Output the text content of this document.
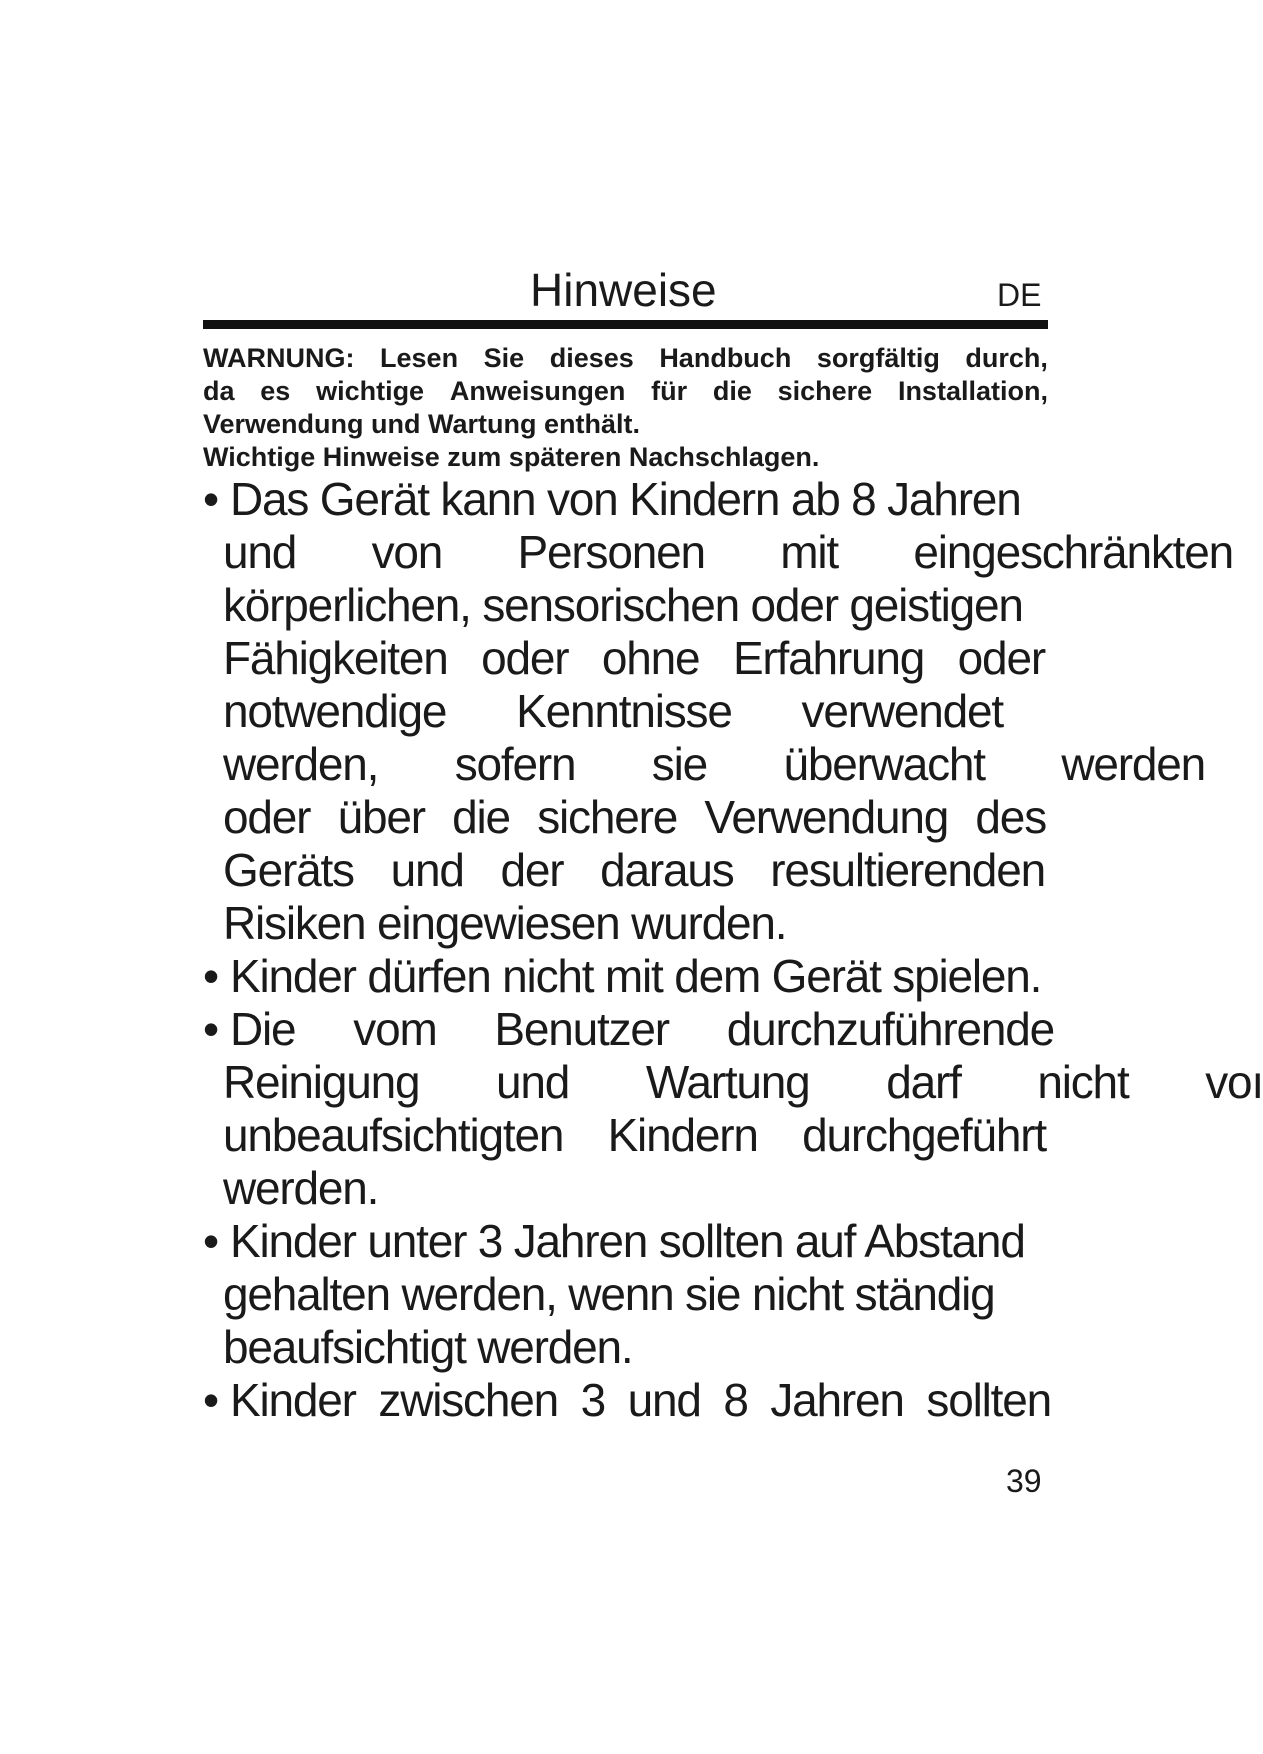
Hinweise	DE
WARNUNG: Lesen Sie dieses Handbuch sorgfältig durch,
da es wichtige Anweisungen für die sichere Installation,
Verwendung und Wartung enthält.
Wichtige Hinweise zum späteren Nachschlagen.
• Das Gerät kann von Kindern ab 8 Jahren
und von Personen mit eingeschränkten
körperlichen, sensorischen oder geistigen
Fähigkeiten oder ohne Erfahrung oder
notwendige Kenntnisse verwendet
werden, sofern sie überwacht werden
oder über die sichere Verwendung des
Geräts und der daraus resultierenden
Risiken eingewiesen wurden.
• Kinder dürfen nicht mit dem Gerät spielen.
• Die vom Benutzer durchzuführende
Reinigung und Wartung darf nicht voı
unbeaufsichtigten Kindern durchgeführt
werden.
• Kinder unter 3 Jahren sollten auf Abstand
gehalten werden, wenn sie nicht ständig
beaufsichtigt werden.
• Kinder zwischen 3 und 8 Jahren sollten
39
